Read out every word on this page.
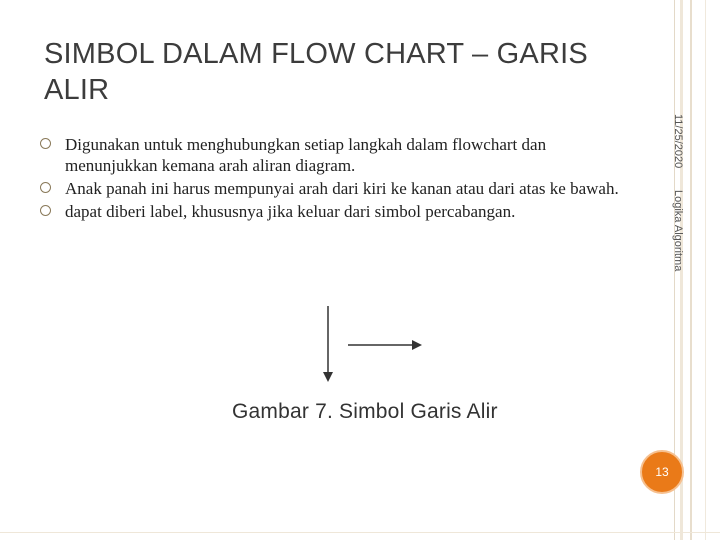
SIMBOL DALAM FLOW CHART – GARIS ALIR
Digunakan untuk menghubungkan setiap langkah dalam flowchart dan menunjukkan kemana arah aliran diagram.
Anak panah ini harus mempunyai arah dari kiri ke kanan atau dari atas ke bawah.
dapat diberi label, khususnya jika keluar dari simbol percabangan.
11/25/2020
Logika Algoritma
Gambar 7. Simbol Garis Alir
13
